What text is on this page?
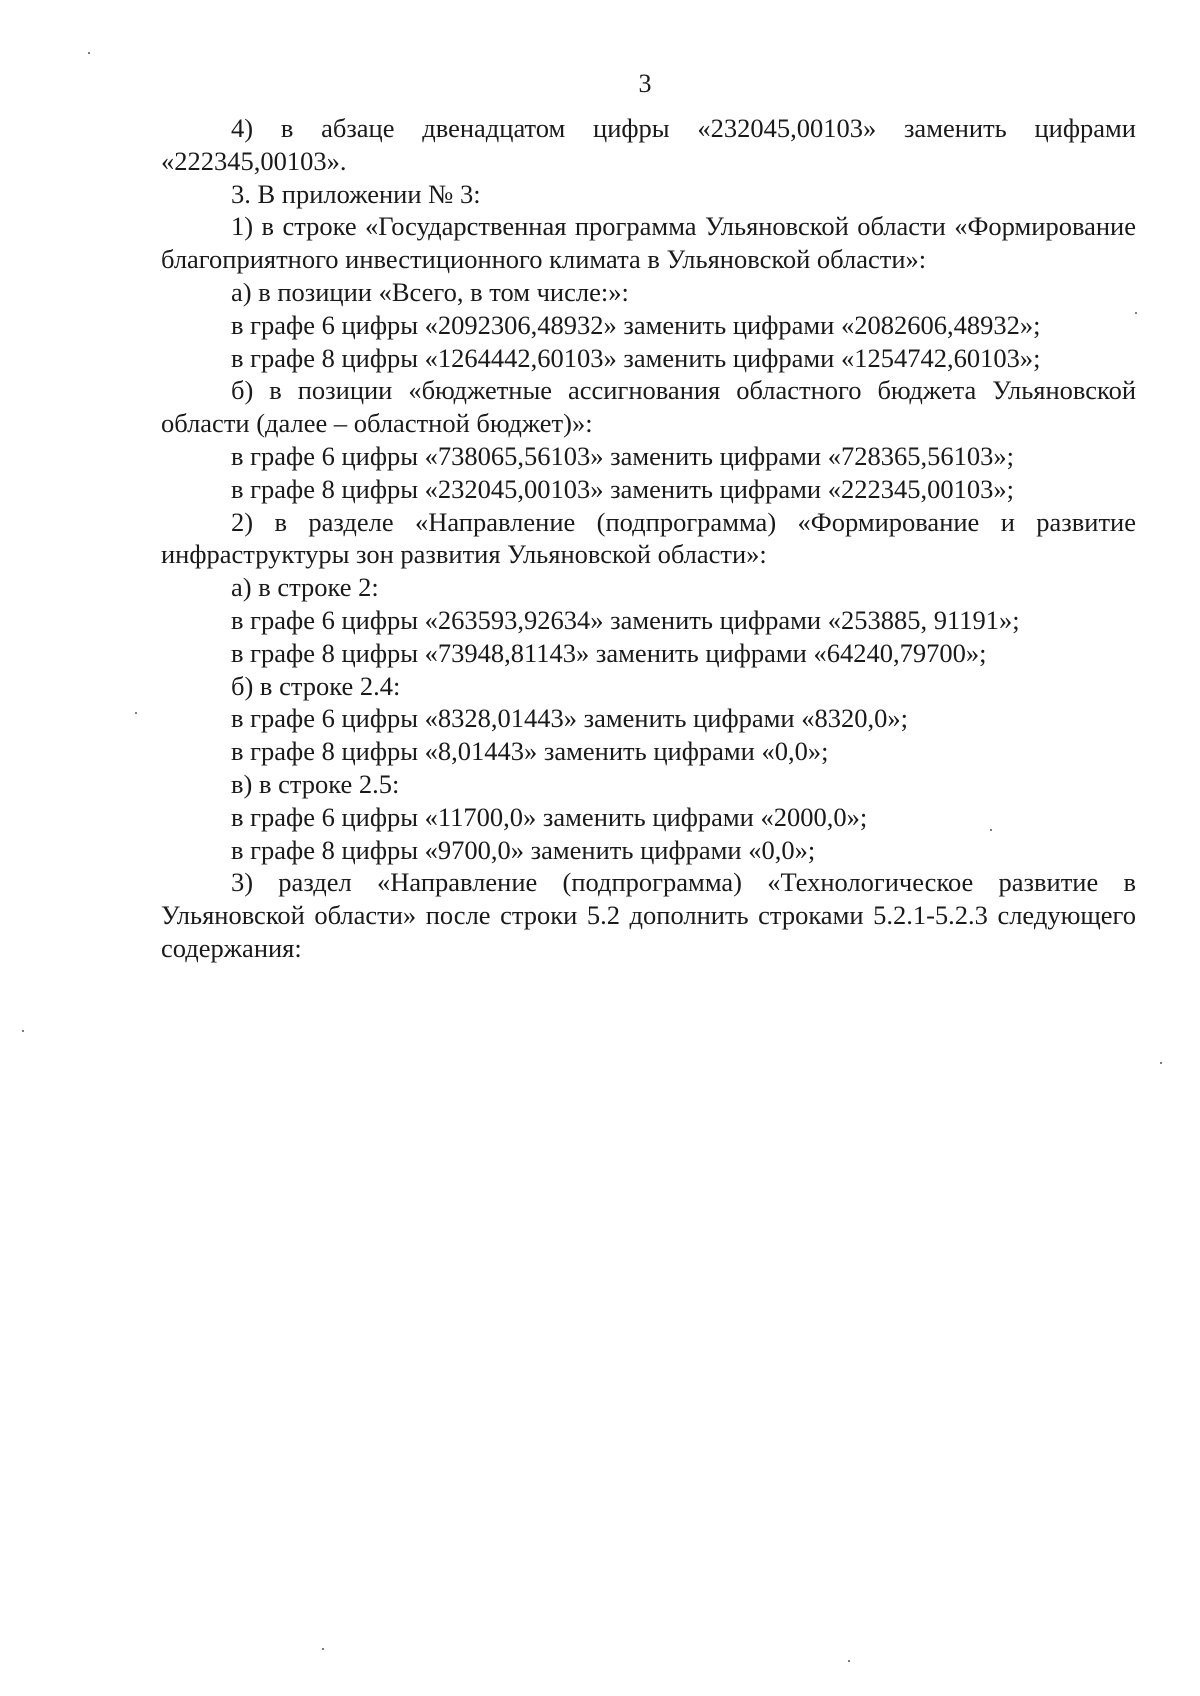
3

4) в абзаце двенадцатом цифры «232045,00103» заменить цифрами «222345,00103».

3. В приложении № 3:

1) в строке «Государственная программа Ульяновской области «Формирование благоприятного инвестиционного климата в Ульяновской области»:

а) в позиции «Всего, в том числе:»:

в графе 6 цифры «2092306,48932» заменить цифрами «2082606,48932»;

в графе 8 цифры «1264442,60103» заменить цифрами «1254742,60103»;

б) в позиции «бюджетные ассигнования областного бюджета Ульяновской области (далее – областной бюджет)»:

в графе 6 цифры «738065,56103» заменить цифрами «728365,56103»;

в графе 8 цифры «232045,00103» заменить цифрами «222345,00103»;

2) в разделе «Направление (подпрограмма) «Формирование и развитие инфраструктуры зон развития Ульяновской области»:

а) в строке 2:

в графе 6 цифры «263593,92634» заменить цифрами «253885, 91191»;

в графе 8 цифры «73948,81143» заменить цифрами «64240,79700»;

б) в строке 2.4:

в графе 6 цифры «8328,01443» заменить цифрами «8320,0»;

в графе 8 цифры «8,01443» заменить цифрами «0,0»;

в) в строке 2.5:

в графе 6 цифры «11700,0» заменить цифрами «2000,0»;

в графе 8 цифры «9700,0» заменить цифрами «0,0»;

3) раздел «Направление (подпрограмма) «Технологическое развитие в Ульяновской области» после строки 5.2 дополнить строками 5.2.1-5.2.3 следующего содержания:
